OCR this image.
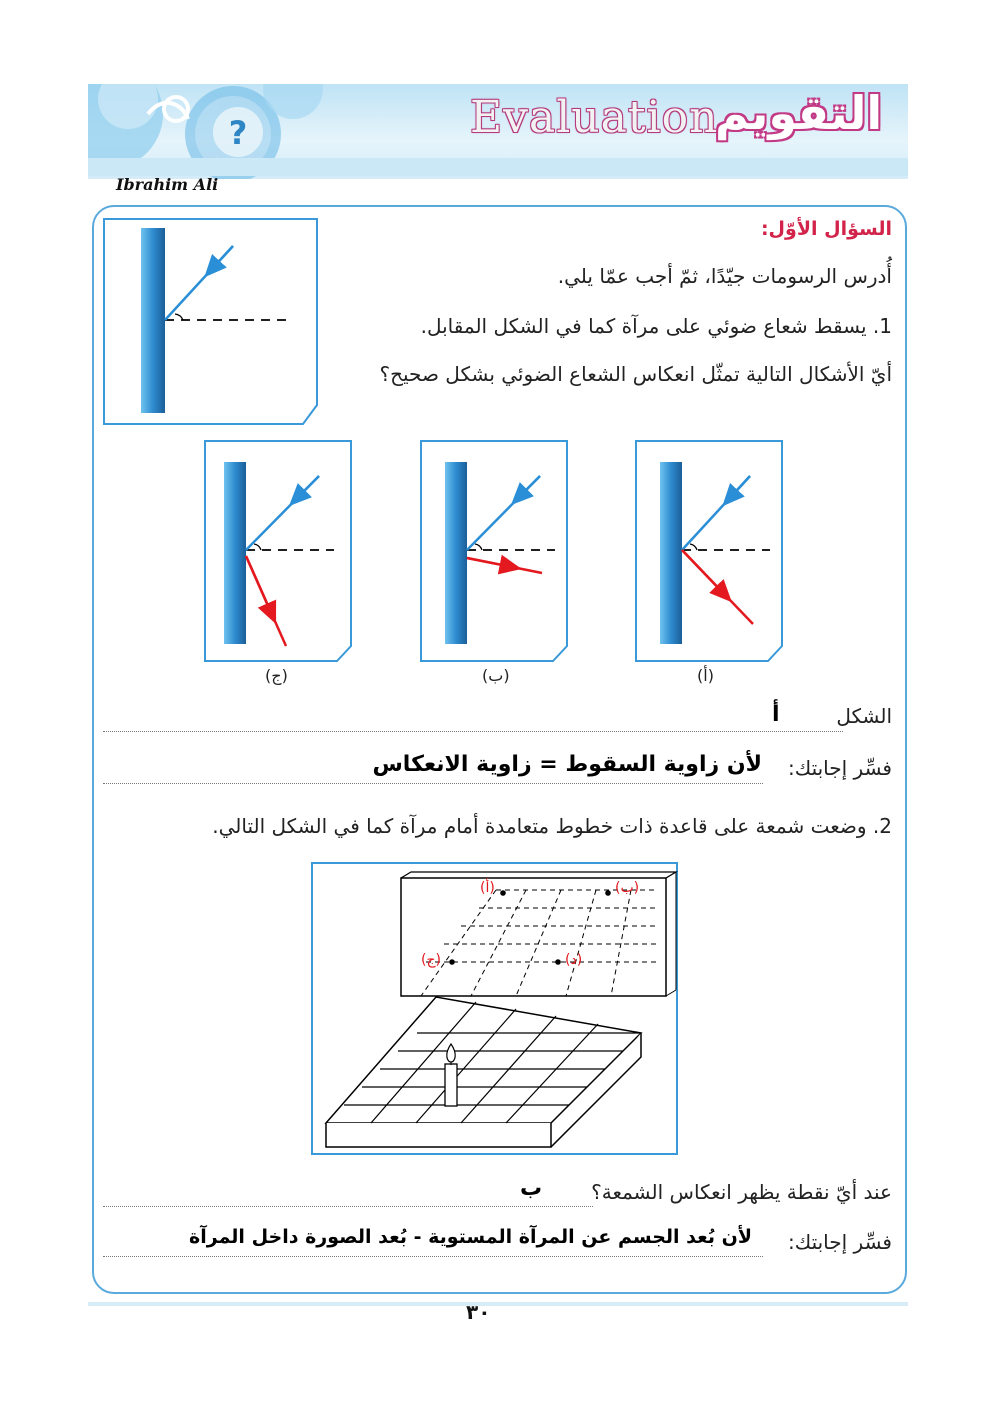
?	Evaluation
التقويم
Ibrahim Ali
السؤال الأوّل:
أُدرس الرسومات جيّدًا، ثمّ أجب عمّا يلي.
1. يسقط شعاع ضوئي على مرآة كما في الشكل المقابل.
أيّ الأشكال التالية تمثّل انعكاس الشعاع الضوئي بشكل صحيح؟
(أ)
(ب)
(ج)
الشكل
أ
فسِّر إجابتك:
لأن زاوية السقوط = زاوية الانعكاس
2. وضعت شمعة على قاعدة ذات خطوط متعامدة أمام مرآة كما في الشكل التالي.
(أ)	(ب)
(ج)	(د)
عند أيّ نقطة يظهر انعكاس الشمعة؟
ب
فسِّر إجابتك:
لأن بُعد الجسم عن المرآة المستوية - بُعد الصورة داخل المرآة
٣٠
